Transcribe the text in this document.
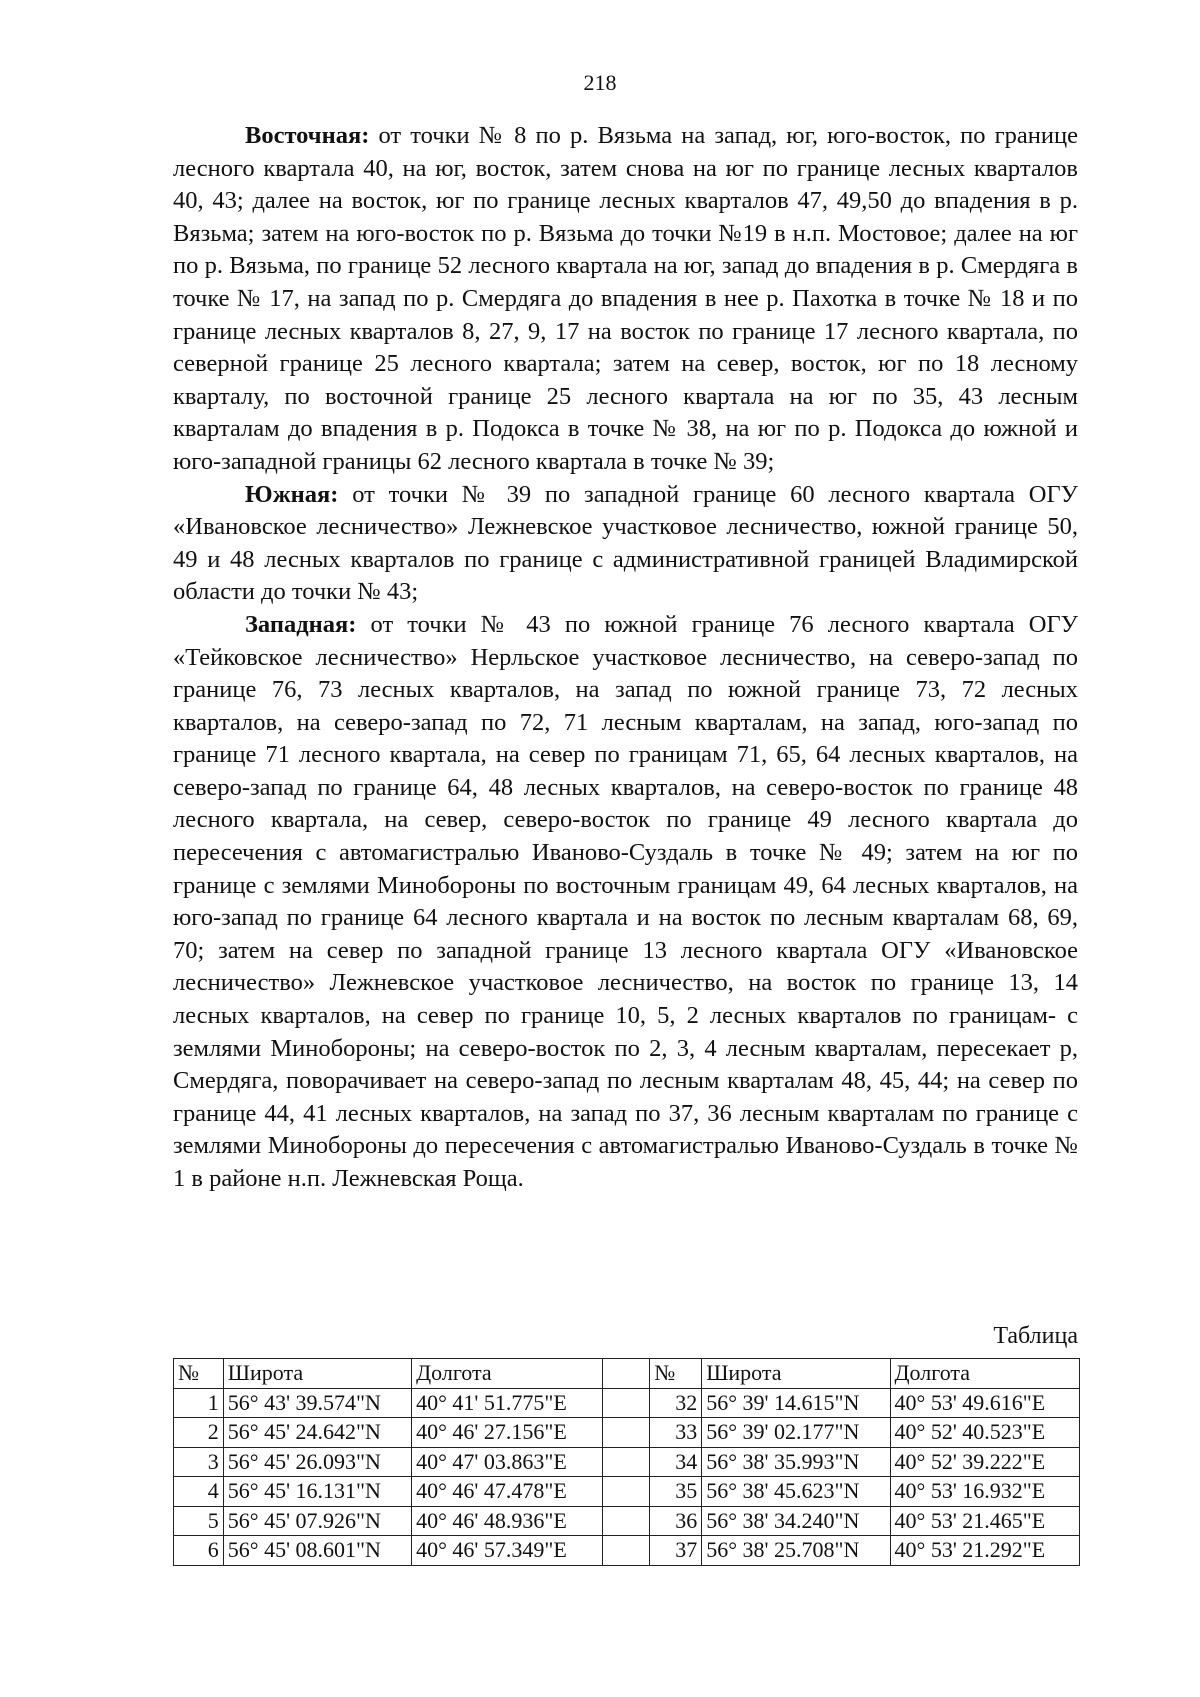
218

Восточная: от точки № 8 по р. Вязьма на запад, юг, юго-восток, по границе лесного квартала 40, на юг, восток, затем снова на юг по границе лесных кварталов 40, 43; далее на восток, юг по границе лесных кварталов 47, 49,50 до впадения в р. Вязьма; затем на юго-восток по р. Вязьма до точки №19 в н.п. Мостовое; далее на юг по р. Вязьма, по границе 52 лесного квартала на юг, запад до впадения в р. Смердяга в точке № 17, на запад по р. Смердяга до впадения в нее р. Пахотка в точке № 18 и по границе лесных кварталов 8, 27, 9, 17 на восток по границе 17 лесного квартала, по северной границе 25 лесного квартала; затем на север, восток, юг по 18 лесному кварталу, по восточной границе 25 лесного квартала на юг по 35, 43 лесным кварталам до впадения в р. Подокса в точке № 38, на юг по р. Подокса до южной и юго-западной границы 62 лесного квартала в точке № 39;

Южная: от точки № 39 по западной границе 60 лесного квартала ОГУ «Ивановское лесничество» Лежневское участковое лесничество, южной границе 50, 49 и 48 лесных кварталов по границе с административной границей Владимирской области до точки № 43;

Западная: от точки № 43 по южной границе 76 лесного квартала ОГУ «Тейковское лесничество» Нерльское участковое лесничество, на северо-запад по границе 76, 73 лесных кварталов, на запад по южной границе 73, 72 лесных кварталов, на северо-запад по 72, 71 лесным кварталам, на запад, юго-запад по границе 71 лесного квартала, на север по границам 71, 65, 64 лесных кварталов, на северо-запад по границе 64, 48 лесных кварталов, на северо-восток по границе 48 лесного квартала, на север, северо-восток по границе 49 лесного квартала до пересечения с автомагистралью Иваново-Суздаль в точке № 49; затем на юг по границе с землями Минобороны по восточным границам 49, 64 лесных кварталов, на юго-запад по границе 64 лесного квартала и на восток по лесным кварталам 68, 69, 70; затем на север по западной границе 13 лесного квартала ОГУ «Ивановское лесничество» Лежневское участковое лесничество, на восток по границе 13, 14 лесных кварталов, на север по границе 10, 5, 2 лесных кварталов по границам- с землями Минобороны; на северо-восток по 2, 3, 4 лесным кварталам, пересекает р, Смердяга, поворачивает на северо-запад по лесным кварталам 48, 45, 44; на север по границе 44, 41 лесных кварталов, на запад по 37, 36 лесным кварталам по границе с землями Минобороны до пересечения с автомагистралью Иваново-Суздаль в точке № 1 в районе н.п. Лежневская Роща.

Таблица
№	Широта	Долгота		№	Широта	Долгота
1	56° 43' 39.574"N	40° 41' 51.775"E		32	56° 39' 14.615"N	40° 53' 49.616"E
2	56° 45' 24.642"N	40° 46' 27.156"E		33	56° 39' 02.177"N	40° 52' 40.523"E
3	56° 45' 26.093"N	40° 47' 03.863"E		34	56° 38' 35.993"N	40° 52' 39.222"E
4	56° 45' 16.131"N	40° 46' 47.478"E		35	56° 38' 45.623"N	40° 53' 16.932"E
5	56° 45' 07.926"N	40° 46' 48.936"E		36	56° 38' 34.240"N	40° 53' 21.465"E
6	56° 45' 08.601"N	40° 46' 57.349"E		37	56° 38' 25.708"N	40° 53' 21.292"E
